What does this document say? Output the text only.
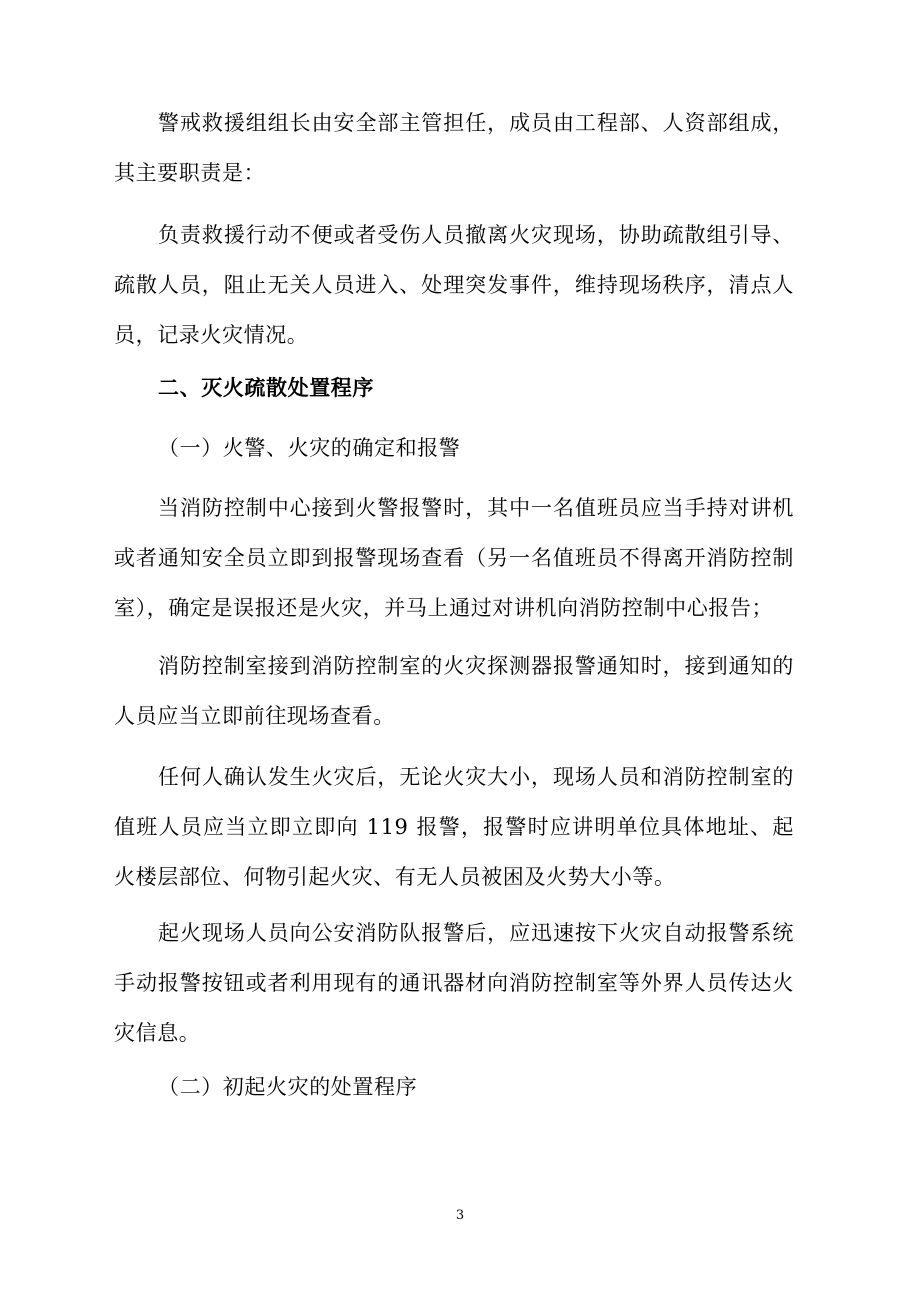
警戒救援组组长由安全部主管担任，成员由工程部、人资部组成，其主要职责是：

负责救援行动不便或者受伤人员撤离火灾现场，协助疏散组引导、疏散人员，阻止无关人员进入、处理突发事件，维持现场秩序，清点人员，记录火灾情况。

二、灭火疏散处置程序

（一）火警、火灾的确定和报警

当消防控制中心接到火警报警时，其中一名值班员应当手持对讲机或者通知安全员立即到报警现场查看（另一名值班员不得离开消防控制室），确定是误报还是火灾，并马上通过对讲机向消防控制中心报告；

消防控制室接到消防控制室的火灾探测器报警通知时，接到通知的人员应当立即前往现场查看。

任何人确认发生火灾后，无论火灾大小，现场人员和消防控制室的值班人员应当立即立即向 119 报警，报警时应讲明单位具体地址、起火楼层部位、何物引起火灾、有无人员被困及火势大小等。

起火现场人员向公安消防队报警后，应迅速按下火灾自动报警系统手动报警按钮或者利用现有的通讯器材向消防控制室等外界人员传达火灾信息。

（二）初起火灾的处置程序

3
